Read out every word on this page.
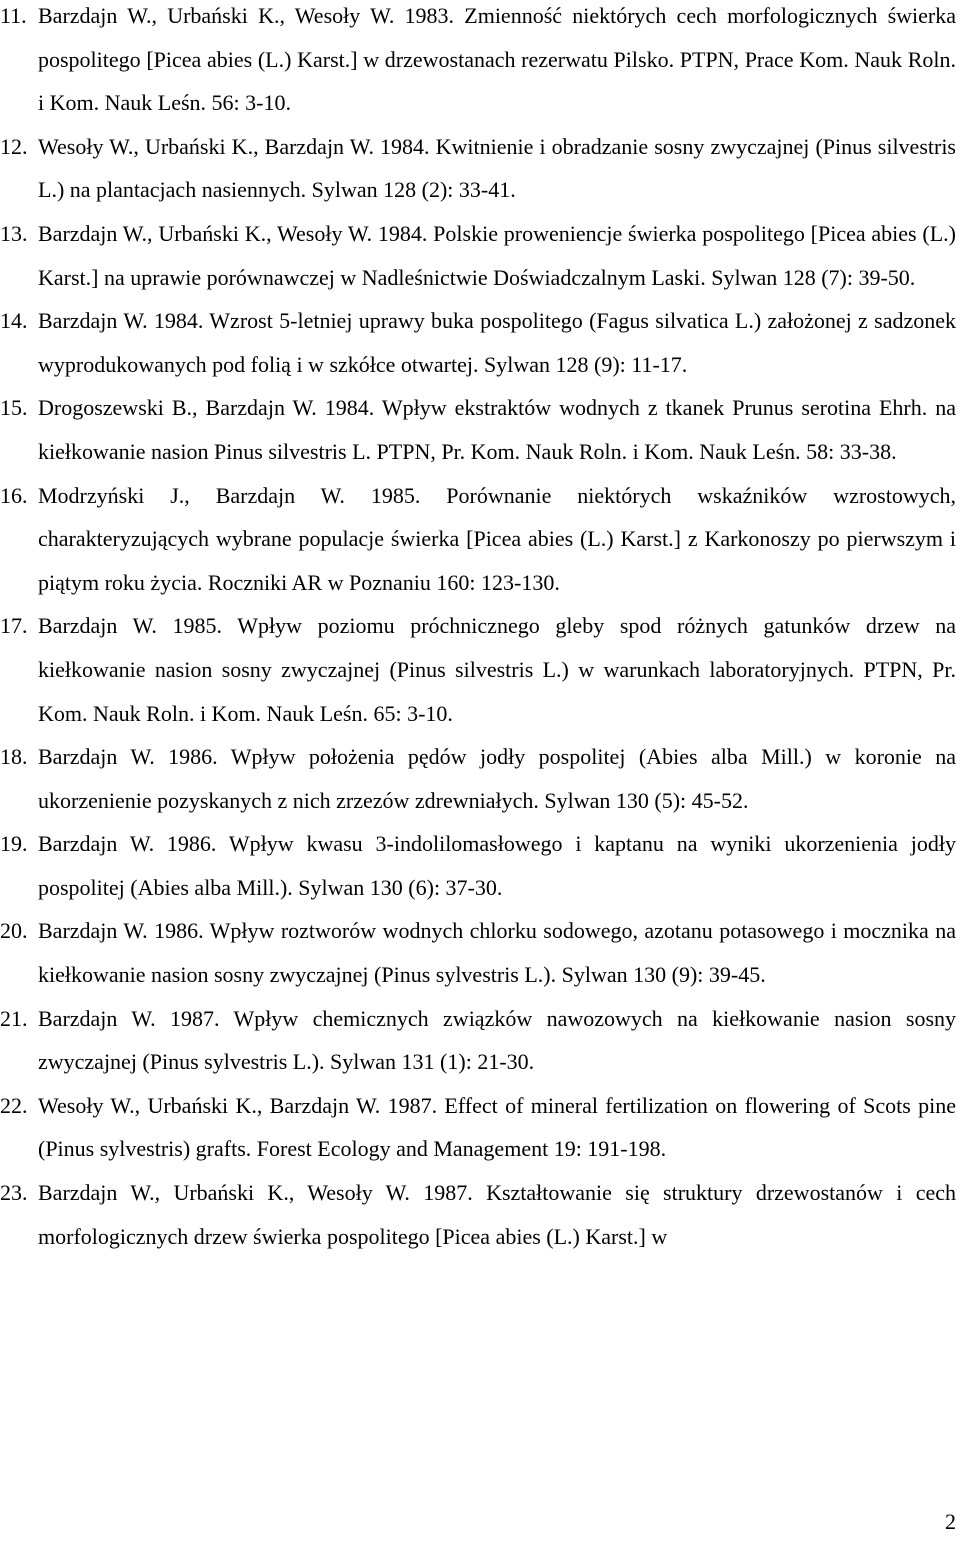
11. Barzdajn W., Urbański K., Wesoły W. 1983. Zmienność niektórych cech morfologicznych świerka pospolitego [Picea abies (L.) Karst.] w drzewostanach rezerwatu Pilsko. PTPN, Prace Kom. Nauk Roln. i Kom. Nauk Leśn. 56: 3-10.
12. Wesoły W., Urbański K., Barzdajn W. 1984. Kwitnienie i obradzanie sosny zwyczajnej (Pinus silvestris L.) na plantacjach nasiennych. Sylwan 128 (2): 33-41.
13. Barzdajn W., Urbański K., Wesoły W. 1984. Polskie proweniencje świerka pospolitego [Picea abies (L.) Karst.] na uprawie porównawczej w Nadleśnictwie Doświadczalnym Laski. Sylwan 128 (7): 39-50.
14. Barzdajn W. 1984. Wzrost 5-letniej uprawy buka pospolitego (Fagus silvatica L.) założonej z sadzonek wyprodukowanych pod folią i w szkółce otwartej. Sylwan 128 (9): 11-17.
15. Drogoszewski B., Barzdajn W. 1984. Wpływ ekstraktów wodnych z tkanek Prunus serotina Ehrh. na kiełkowanie nasion Pinus silvestris L. PTPN, Pr. Kom. Nauk Roln. i Kom. Nauk Leśn. 58: 33-38.
16. Modrzyński J., Barzdajn W. 1985. Porównanie niektórych wskaźników wzrostowych, charakteryzujących wybrane populacje świerka [Picea abies (L.) Karst.] z Karkonoszy po pierwszym i piątym roku życia. Roczniki AR w Poznaniu 160: 123-130.
17. Barzdajn W. 1985. Wpływ poziomu próchnicznego gleby spod różnych gatunków drzew na kiełkowanie nasion sosny zwyczajnej (Pinus silvestris L.) w warunkach laboratoryjnych. PTPN, Pr. Kom. Nauk Roln. i Kom. Nauk Leśn. 65: 3-10.
18. Barzdajn W. 1986. Wpływ położenia pędów jodły pospolitej (Abies alba Mill.) w koronie na ukorzenienie pozyskanych z nich zrzezów zdrewniałych. Sylwan 130 (5): 45-52.
19. Barzdajn W. 1986. Wpływ kwasu 3-indolilomasłowego i kaptanu na wyniki ukorzenienia jodły pospolitej (Abies alba Mill.). Sylwan 130 (6): 37-30.
20. Barzdajn W. 1986. Wpływ roztworów wodnych chlorku sodowego, azotanu potasowego i mocznika na kiełkowanie nasion sosny zwyczajnej (Pinus sylvestris L.). Sylwan 130 (9): 39-45.
21. Barzdajn W. 1987. Wpływ chemicznych związków nawozowych na kiełkowanie nasion sosny zwyczajnej (Pinus sylvestris L.). Sylwan 131 (1): 21-30.
22. Wesoły W., Urbański K., Barzdajn W. 1987. Effect of mineral fertilization on flowering of Scots pine (Pinus sylvestris) grafts. Forest Ecology and Management 19: 191-198.
23. Barzdajn W., Urbański K., Wesoły W. 1987. Kształtowanie się struktury drzewostanów i cech morfologicznych drzew świerka pospolitego [Picea abies (L.) Karst.] w
2
